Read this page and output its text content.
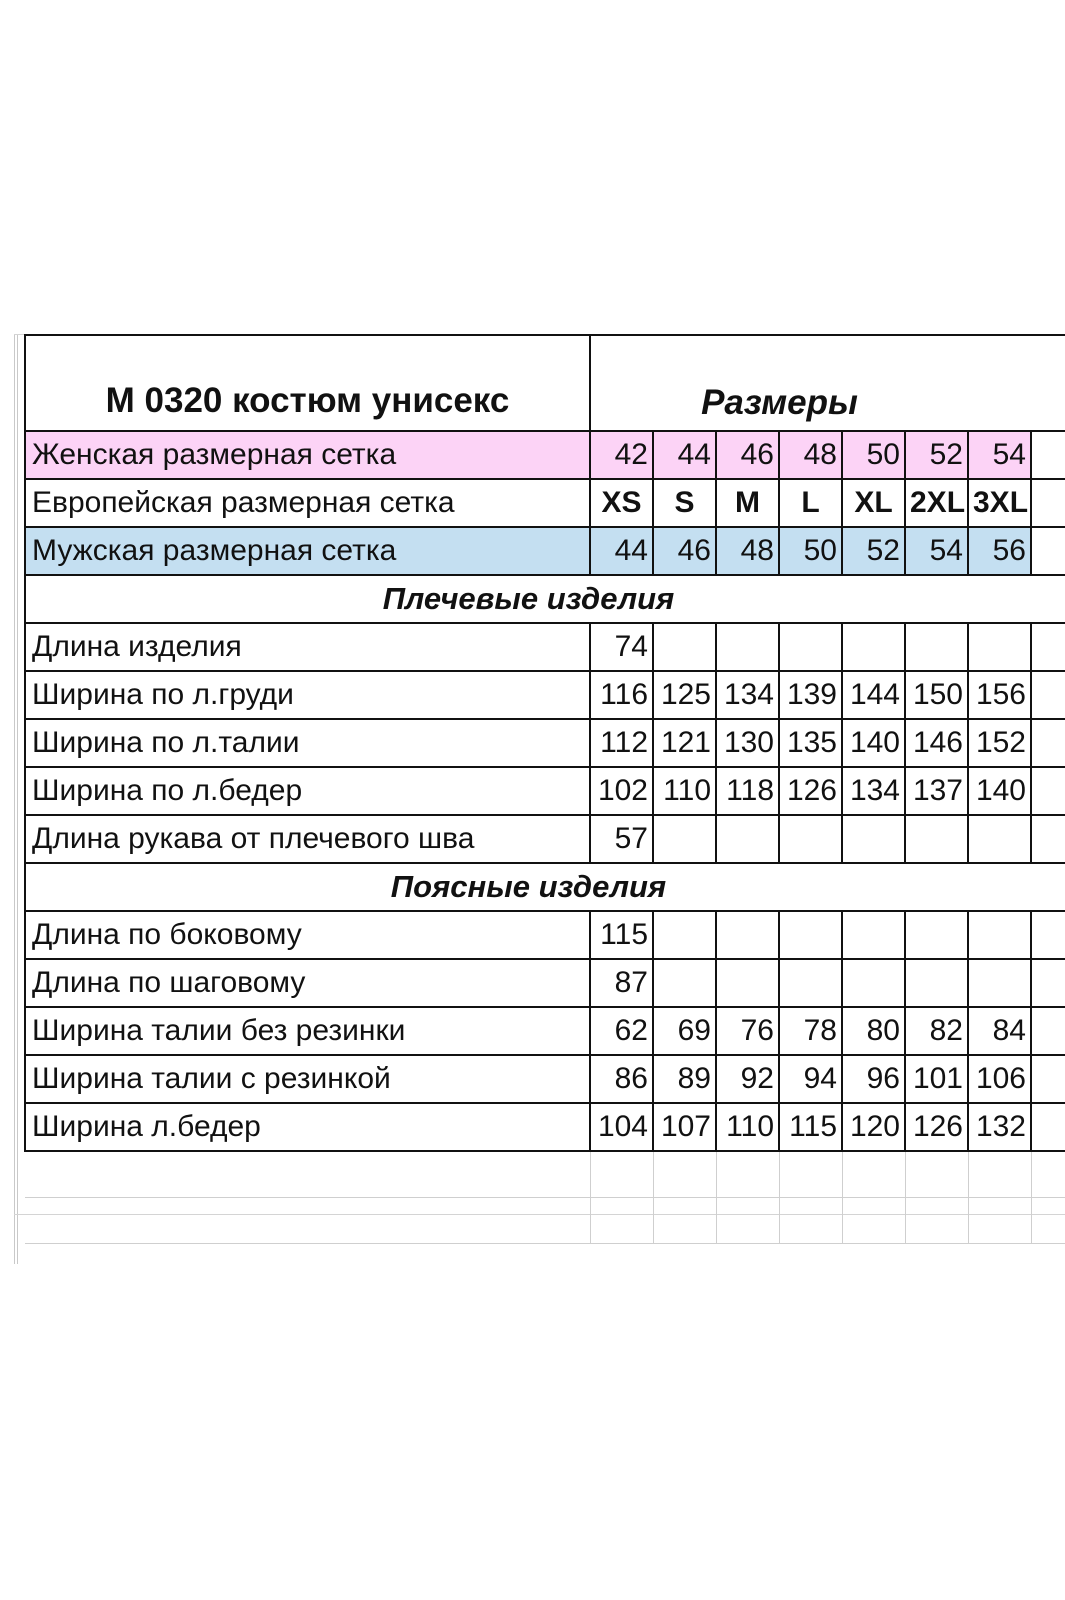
М 0320 костюм унисекс	Размеры							
Женская размерная сетка	42	44	46	48	50	52	54	
Европейская размерная сетка	XS	S	M	L	XL	2XL	3XL	
Мужская размерная сетка	44	46	48	50	52	54	56	
Плечевые изделия								
Длина изделия	74							
Ширина по л.груди	116	125	134	139	144	150	156	
Ширина по л.талии	112	121	130	135	140	146	152	
Ширина по л.бедер	102	110	118	126	134	137	140	
Длина рукава от плечевого шва	57							
Поясные изделия								
Длина по боковому	115							
Длина по шаговому	87							
Ширина талии без резинки	62	69	76	78	80	82	84	
Ширина талии с резинкой	86	89	92	94	96	101	106	
Ширина л.бедер	104	107	110	115	120	126	132	
